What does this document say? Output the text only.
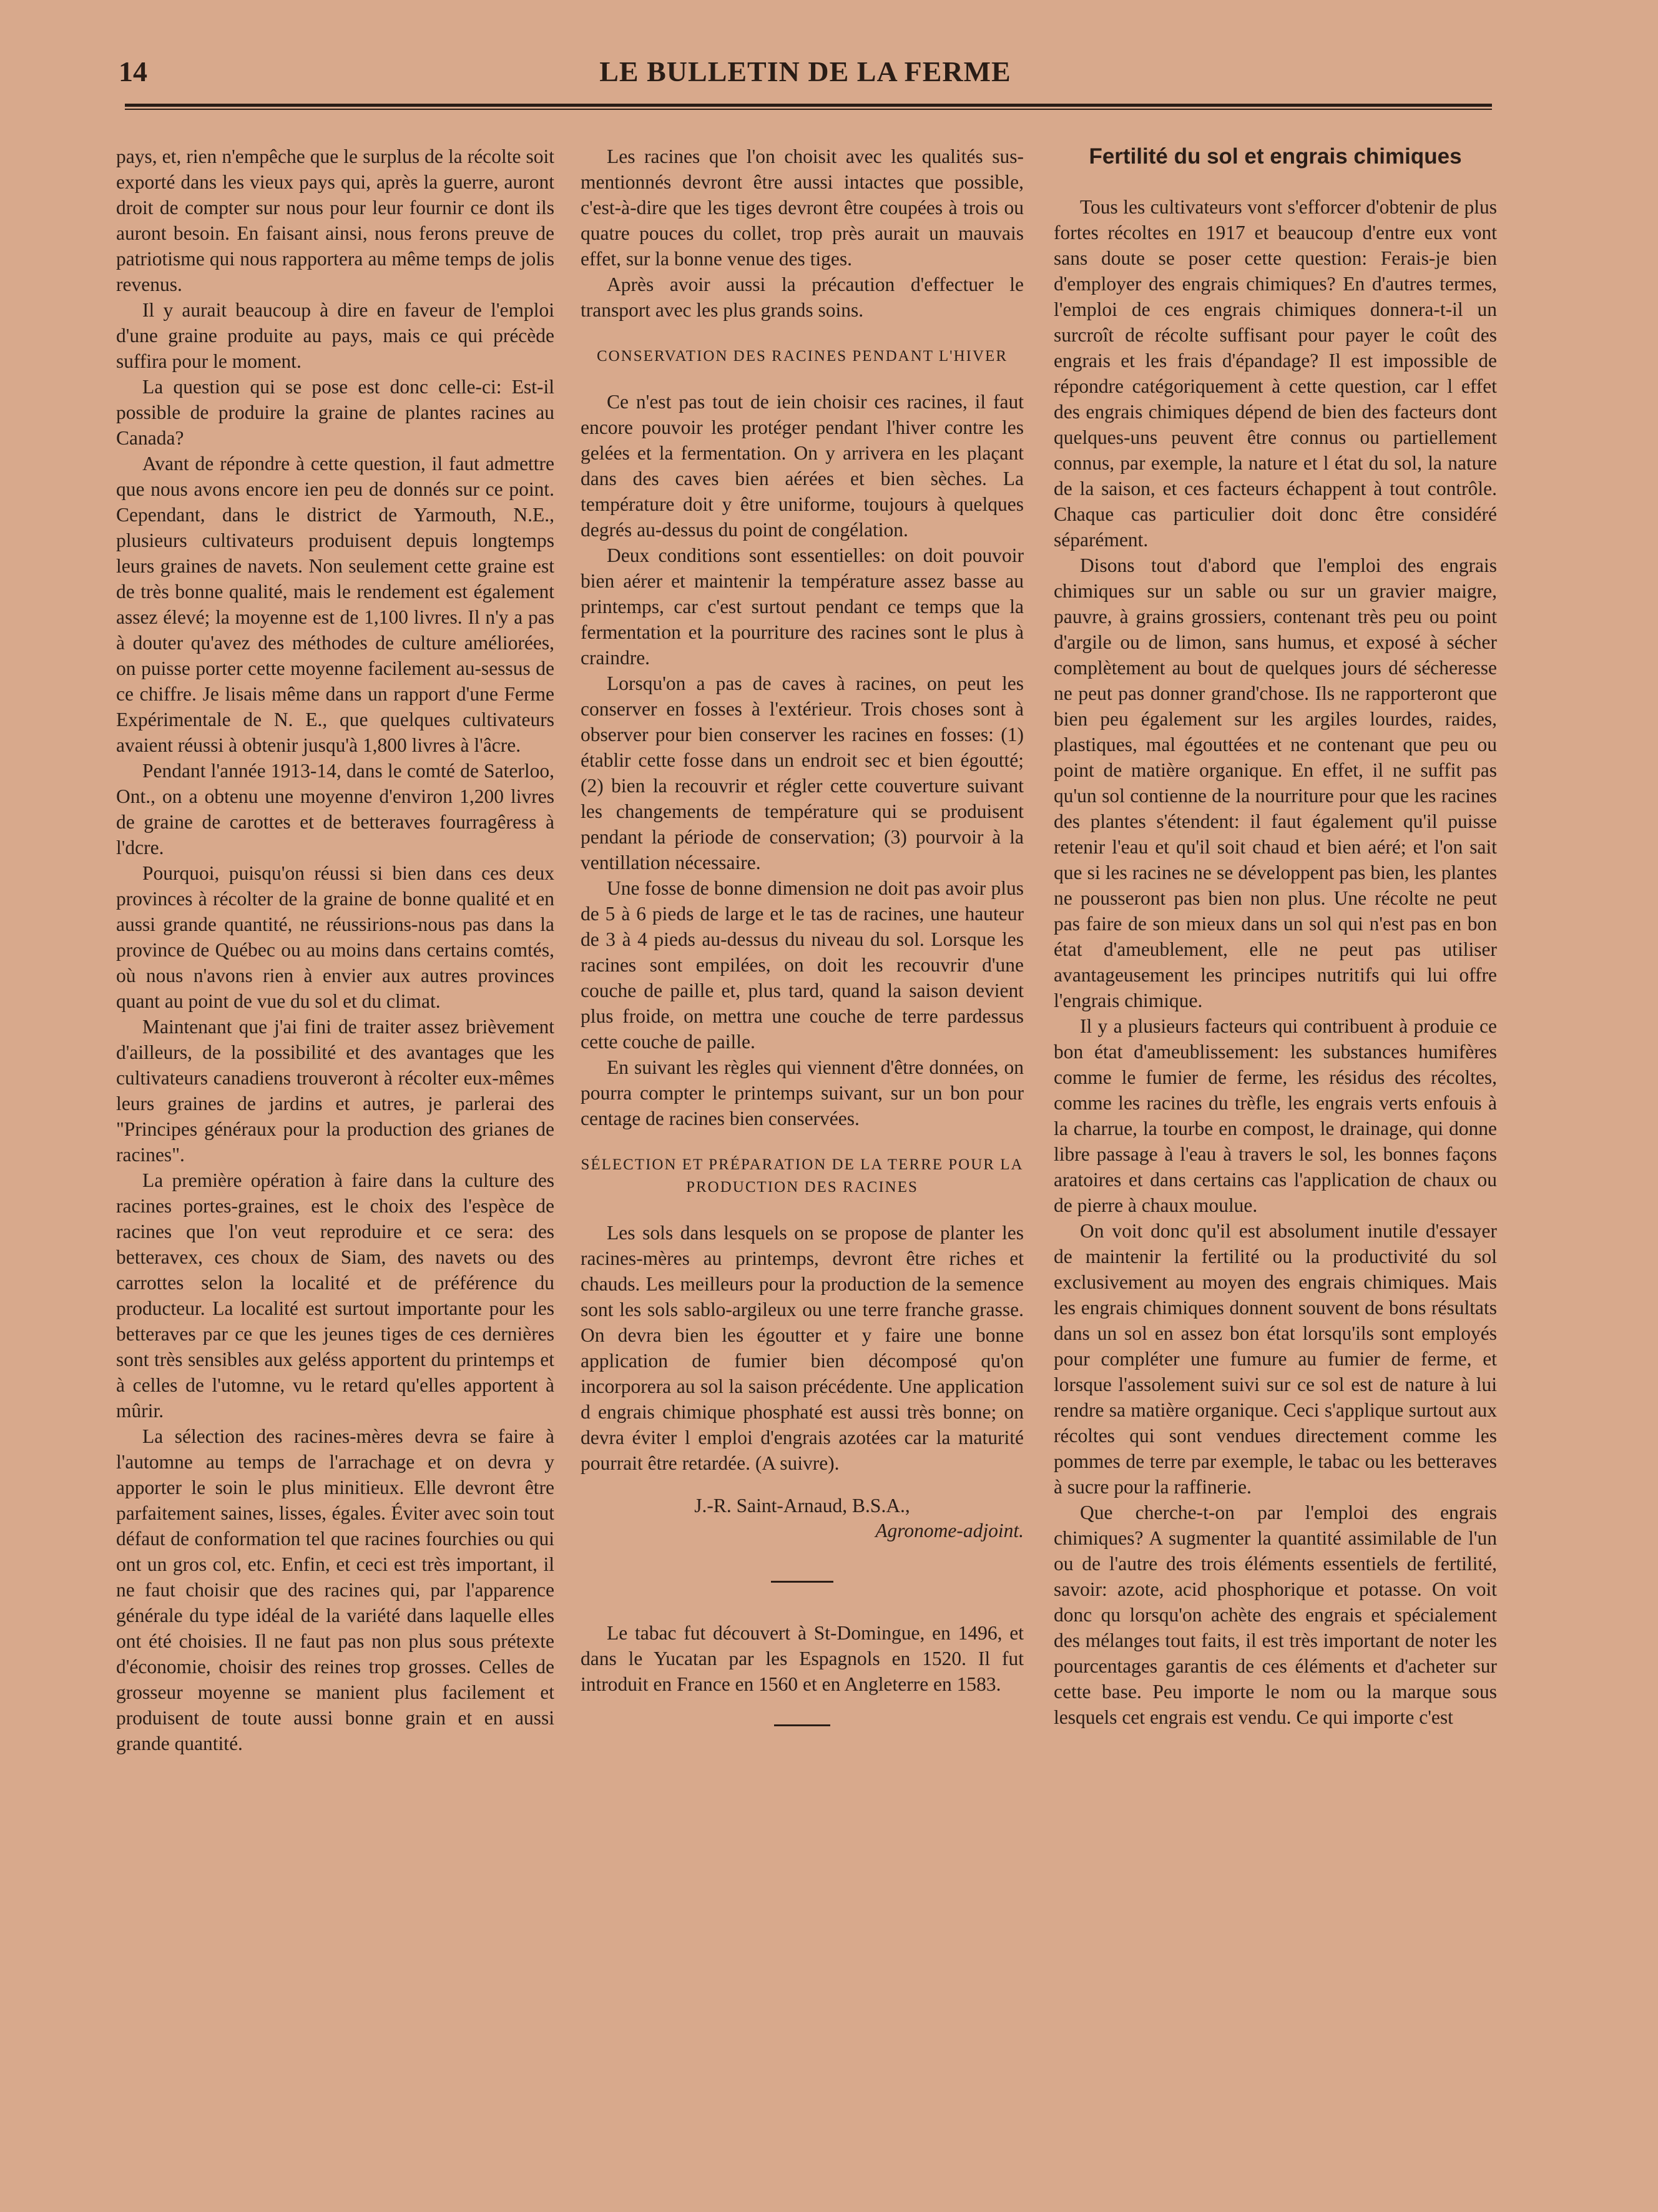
14	LE BULLETIN DE LA FERME

pays, et, rien n'empêche que le surplus de la récolte soit exporté dans les vieux pays qui, après la guerre, auront droit de compter sur nous pour leur fournir ce dont ils auront besoin. En faisant ainsi, nous ferons preuve de patriotisme qui nous rapportera au même temps de jolis revenus.

Il y aurait beaucoup à dire en faveur de l'emploi d'une graine produite au pays, mais ce qui précède suffira pour le moment.

La question qui se pose est donc celle-ci: Est-il possible de produire la graine de plantes racines au Canada?

Avant de répondre à cette question, il faut admettre que nous avons encore ien peu de donnés sur ce point. Cependant, dans le district de Yarmouth, N.E., plusieurs cultivateurs produisent depuis longtemps leurs graines de navets. Non seulement cette graine est de très bonne qualité, mais le rendement est également assez élevé; la moyenne est de 1,100 livres. Il n'y a pas à douter qu'avez des méthodes de culture améliorées, on puisse porter cette moyenne facilement au-sessus de ce chiffre. Je lisais même dans un rapport d'une Ferme Expérimentale de N. E., que quelques cultivateurs avaient réussi à obtenir jusqu'à 1,800 livres à l'âcre.

Pendant l'année 1913-14, dans le comté de Saterloo, Ont., on a obtenu une moyenne d'environ 1,200 livres de graine de carottes et de betteraves fourragêress à l'dcre.

Pourquoi, puisqu'on réussi si bien dans ces deux provinces à récolter de la graine de bonne qualité et en aussi grande quantité, ne réussirions-nous pas dans la province de Québec ou au moins dans certains comtés, où nous n'avons rien à envier aux autres provinces quant au point de vue du sol et du climat.

Maintenant que j'ai fini de traiter assez brièvement d'ailleurs, de la possibilité et des avantages que les cultivateurs canadiens trouveront à récolter eux-mêmes leurs graines de jardins et autres, je parlerai des "Principes généraux pour la production des grianes de racines".

La première opération à faire dans la culture des racines portes-graines, est le choix des l'espèce de racines que l'on veut reproduire et ce sera: des betteravex, ces choux de Siam, des navets ou des carrottes selon la localité et de préférence du producteur. La localité est surtout importante pour les betteraves par ce que les jeunes tiges de ces dernières sont très sensibles aux geléss apportent du printemps et à celles de l'utomne, vu le retard qu'elles apportent à mûrir.

La sélection des racines-mères devra se faire à l'automne au temps de l'arrachage et on devra y apporter le soin le plus minitieux. Elle devront être parfaitement saines, lisses, égales. Éviter avec soin tout défaut de conformation tel que racines fourchies ou qui ont un gros col, etc. Enfin, et ceci est très important, il ne faut choisir que des racines qui, par l'apparence générale du type idéal de la variété dans laquelle elles ont été choisies. Il ne faut pas non plus sous prétexte d'économie, choisir des reines trop grosses. Celles de grosseur moyenne se manient plus facilement et produisent de toute aussi bonne grain et en aussi grande quantité.

Les racines que l'on choisit avec les qualités sus-mentionnés devront être aussi intactes que possible, c'est-à-dire que les tiges devront être coupées à trois ou quatre pouces du collet, trop près aurait un mauvais effet, sur la bonne venue des tiges.

Après avoir aussi la précaution d'effectuer le transport avec les plus grands soins.

CONSERVATION DES RACINES PENDANT L'HIVER

Ce n'est pas tout de iein choisir ces racines, il faut encore pouvoir les protéger pendant l'hiver contre les gelées et la fermentation. On y arrivera en les plaçant dans des caves bien aérées et bien sèches. La température doit y être uniforme, toujours à quelques degrés au-dessus du point de congélation.

Deux conditions sont essentielles: on doit pouvoir bien aérer et maintenir la température assez basse au printemps, car c'est surtout pendant ce temps que la fermentation et la pourriture des racines sont le plus à craindre.

Lorsqu'on a pas de caves à racines, on peut les conserver en fosses à l'extérieur. Trois choses sont à observer pour bien conserver les racines en fosses: (1) établir cette fosse dans un endroit sec et bien égoutté; (2) bien la recouvrir et régler cette couverture suivant les changements de température qui se produisent pendant la période de conservation; (3) pourvoir à la ventillation nécessaire.

Une fosse de bonne dimension ne doit pas avoir plus de 5 à 6 pieds de large et le tas de racines, une hauteur de 3 à 4 pieds au-dessus du niveau du sol. Lorsque les racines sont empilées, on doit les recouvrir d'une couche de paille et, plus tard, quand la saison devient plus froide, on mettra une couche de terre pardessus cette couche de paille.

En suivant les règles qui viennent d'être données, on pourra compter le printemps suivant, sur un bon pour centage de racines bien conservées.

SÉLECTION ET PRÉPARATION DE LA TERRE POUR LA PRODUCTION DES RACINES

Les sols dans lesquels on se propose de planter les racines-mères au printemps, devront être riches et chauds. Les meilleurs pour la production de la semence sont les sols sablo-argileux ou une terre franche grasse. On devra bien les égoutter et y faire une bonne application de fumier bien décomposé qu'on incorporera au sol la saison précédente. Une application d engrais chimique phosphaté est aussi très bonne; on devra éviter l emploi d'engrais azotées car la maturité pourrait être retardée. (A suivre).

J.-R. Saint-Arnaud, B.S.A.,
Agronome-adjoint.

Le tabac fut découvert à St-Domingue, en 1496, et dans le Yucatan par les Espagnols en 1520. Il fut introduit en France en 1560 et en Angleterre en 1583.

Fertilité du sol et engrais chimiques

Tous les cultivateurs vont s'efforcer d'obtenir de plus fortes récoltes en 1917 et beaucoup d'entre eux vont sans doute se poser cette question: Ferais-je bien d'employer des engrais chimiques? En d'autres termes, l'emploi de ces engrais chimiques donnera-t-il un surcroît de récolte suffisant pour payer le coût des engrais et les frais d'épandage? Il est impossible de répondre catégoriquement à cette question, car l effet des engrais chimiques dépend de bien des facteurs dont quelques-uns peuvent être connus ou partiellement connus, par exemple, la nature et l état du sol, la nature de la saison, et ces facteurs échappent à tout contrôle. Chaque cas particulier doit donc être considéré séparément.

Disons tout d'abord que l'emploi des engrais chimiques sur un sable ou sur un gravier maigre, pauvre, à grains grossiers, contenant très peu ou point d'argile ou de limon, sans humus, et exposé à sécher complètement au bout de quelques jours dé sécheresse ne peut pas donner grand'chose. Ils ne rapporteront que bien peu également sur les argiles lourdes, raides, plastiques, mal égouttées et ne contenant que peu ou point de matière organique. En effet, il ne suffit pas qu'un sol contienne de la nourriture pour que les racines des plantes s'étendent: il faut également qu'il puisse retenir l'eau et qu'il soit chaud et bien aéré; et l'on sait que si les racines ne se développent pas bien, les plantes ne pousseront pas bien non plus. Une récolte ne peut pas faire de son mieux dans un sol qui n'est pas en bon état d'ameublement, elle ne peut pas utiliser avantageusement les principes nutritifs qui lui offre l'engrais chimique.

Il y a plusieurs facteurs qui contribuent à produie ce bon état d'ameublissement: les substances humifères comme le fumier de ferme, les résidus des récoltes, comme les racines du trèfle, les engrais verts enfouis à la charrue, la tourbe en compost, le drainage, qui donne libre passage à l'eau à travers le sol, les bonnes façons aratoires et dans certains cas l'application de chaux ou de pierre à chaux moulue.

On voit donc qu'il est absolument inutile d'essayer de maintenir la fertilité ou la productivité du sol exclusivement au moyen des engrais chimiques. Mais les engrais chimiques donnent souvent de bons résultats dans un sol en assez bon état lorsqu'ils sont employés pour compléter une fumure au fumier de ferme, et lorsque l'assolement suivi sur ce sol est de nature à lui rendre sa matière organique. Ceci s'applique surtout aux récoltes qui sont vendues directement comme les pommes de terre par exemple, le tabac ou les betteraves à sucre pour la raffinerie.

Que cherche-t-on par l'emploi des engrais chimiques? A sugmenter la quantité assimilable de l'un ou de l'autre des trois éléments essentiels de fertilité, savoir: azote, acid phosphorique et potasse. On voit donc qu lorsqu'on achète des engrais et spécialement des mélanges tout faits, il est très important de noter les pourcentages garantis de ces éléments et d'acheter sur cette base. Peu importe le nom ou la marque sous lesquels cet engrais est vendu. Ce qui importe c'est
